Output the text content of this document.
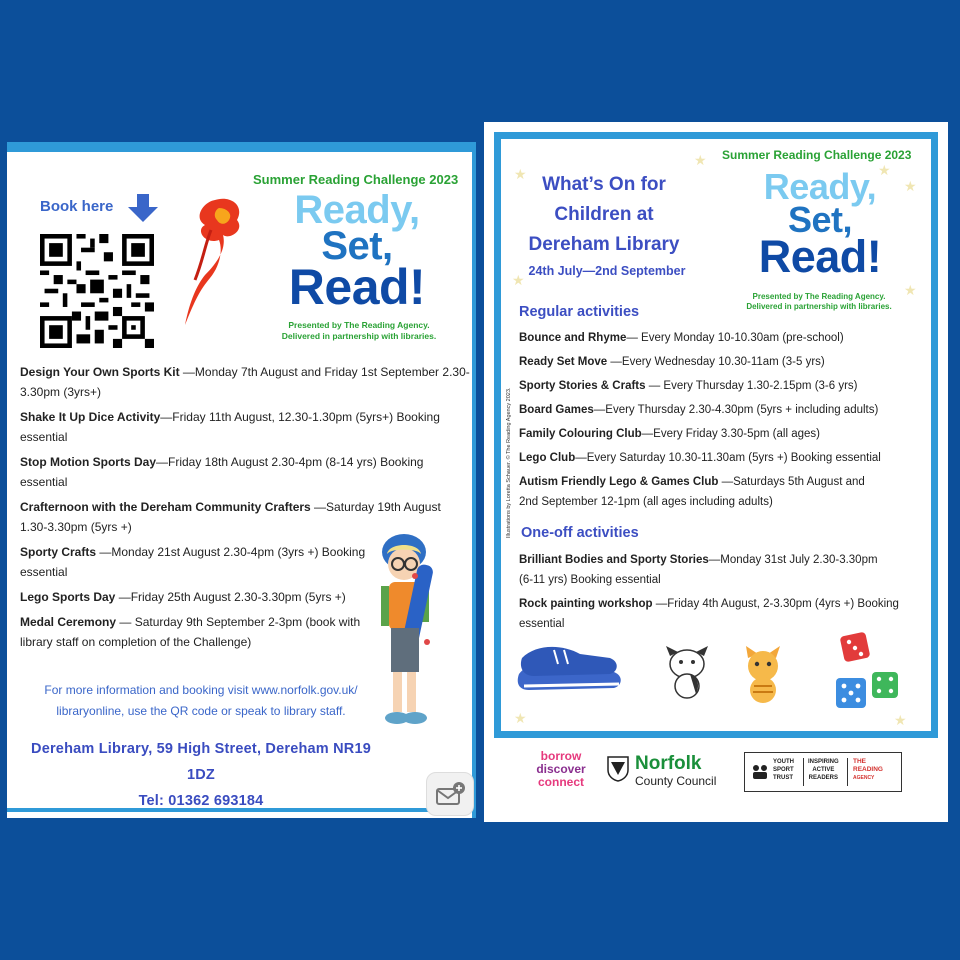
Summer Reading Challenge 2023
Book here	Ready,
Set,
Read!
Presented by The Reading Agency.
Delivered in partnership with libraries.
Design Your Own Sports Kit —Monday 7th August and Friday 1st September 2.30-3.30pm (3yrs+)
Shake It Up Dice Activity—Friday 11th August, 12.30-1.30pm (5yrs+) Booking essential
Stop Motion Sports Day—Friday 18th August 2.30-4pm (8-14 yrs) Booking essential
Crafternoon with the Dereham Community Crafters —Saturday 19th August 1.30-3.30pm (5yrs +)
Sporty Crafts —Monday 21st August 2.30-4pm (3yrs +) Booking essential
Lego Sports Day —Friday 25th August 2.30-3.30pm (5yrs +)
Medal Ceremony — Saturday 9th September 2-3pm (book with library staff on completion of the Challenge)
For more information and booking visit www.norfolk.gov.uk/
libraryonline, use the QR code or speak to library staff.
Dereham Library, 59 High Street, Dereham NR19 1DZ
Tel: 01362 693184
★
★
★
★
★
★
★	★
Summer Reading Challenge 2023
What’s On for
Children at
Dereham Library
24th July—2nd September
Ready,
Set,
Read!
Presented by The Reading Agency.
Delivered in partnership with libraries.
Regular activities
Bounce and Rhyme— Every Monday 10-10.30am (pre-school)
Ready Set Move —Every Wednesday 10.30-11am (3-5 yrs)
Sporty Stories & Crafts — Every Thursday 1.30-2.15pm (3-6 yrs)
Board Games—Every Thursday 2.30-4.30pm (5yrs + including adults)
Family Colouring Club—Every Friday 3.30-5pm (all ages)
Lego Club—Every Saturday 10.30-11.30am (5yrs +) Booking essential
Autism Friendly Lego & Games Club —Saturdays 5th August and 2nd September 12-1pm (all ages including adults)
One-off activities
Brilliant Bodies and Sporty Stories—Monday 31st July 2.30-3.30pm (6-11 yrs) Booking essential
Rock painting workshop —Friday 4th August, 2-3.30pm (4yrs +) Booking essential
Illustrations by Loretta Schauer. © The Reading Agency 2023.
borrow
discover
connect
Norfolk
County Council
YOUTH
SPORT
TRUST
INSPIRING
ACTIVE
READERS
THE
READING
AGENCY
